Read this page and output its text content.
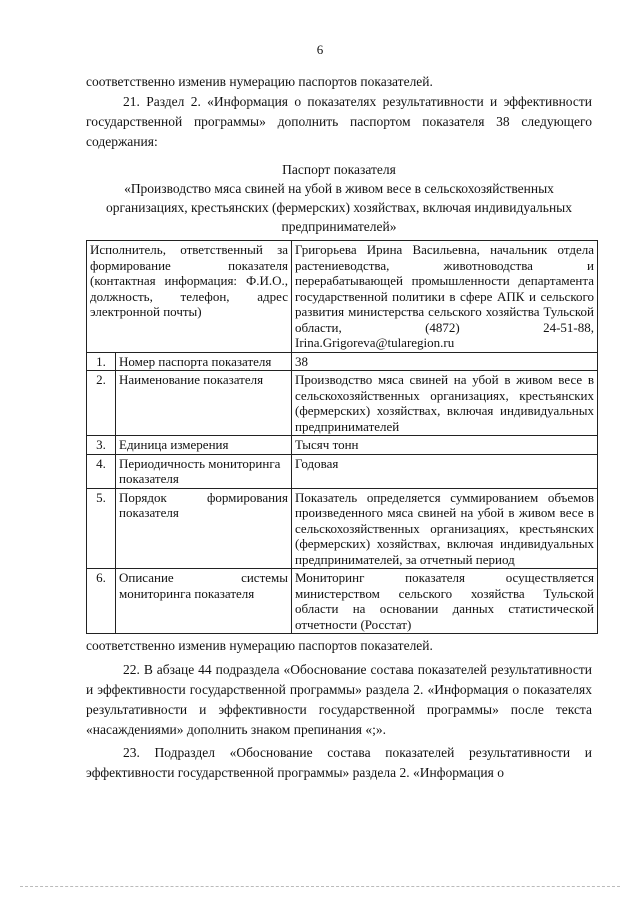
6
соответственно изменив нумерацию паспортов показателей.
21. Раздел 2. «Информация о показателях результативности и эффективности государственной программы» дополнить паспортом показателя 38 следующего содержания:
Паспорт показателя
«Производство мяса свиней на убой в живом весе в сельскохозяйственных организациях, крестьянских (фермерских) хозяйствах, включая индивидуальных предпринимателей»
Исполнитель, ответственный за формирование показателя (контактная информация: Ф.И.О., должность, телефон, адрес электронной почты)		Григорьева Ирина Васильевна, начальник отдела растениеводства, животноводства и перерабатывающей промышленности департамента государственной политики в сфере АПК и сельского развития министерства сельского хозяйства Тульской области, (4872) 24-51-88, Irina.Grigoreva@tularegion.ru
1.	Номер паспорта показателя	38
2.	Наименование показателя	Производство мяса свиней на убой в живом весе в сельскохозяйственных организациях, крестьянских (фермерских) хозяйствах, включая индивидуальных предпринимателей
3.	Единица измерения	Тысяч тонн
4.	Периодичность мониторинга показателя	Годовая
5.	Порядок формирования показателя	Показатель определяется суммированием объемов произведенного мяса свиней на убой в живом весе в сельскохозяйственных организациях, крестьянских (фермерских) хозяйствах, включая индивидуальных предпринимателей, за отчетный период
6.	Описание системы мониторинга показателя	Мониторинг показателя осуществляется министерством сельского хозяйства Тульской области на основании данных статистической отчетности (Росстат)
соответственно изменив нумерацию паспортов показателей.
22. В абзаце 44 подраздела «Обоснование состава показателей результативности и эффективности государственной программы» раздела 2. «Информация о показателях результативности и эффективности государственной программы» после текста «насаждениями» дополнить знаком препинания «;».
23. Подраздел «Обоснование состава показателей результативности и эффективности государственной программы» раздела 2. «Информация о
